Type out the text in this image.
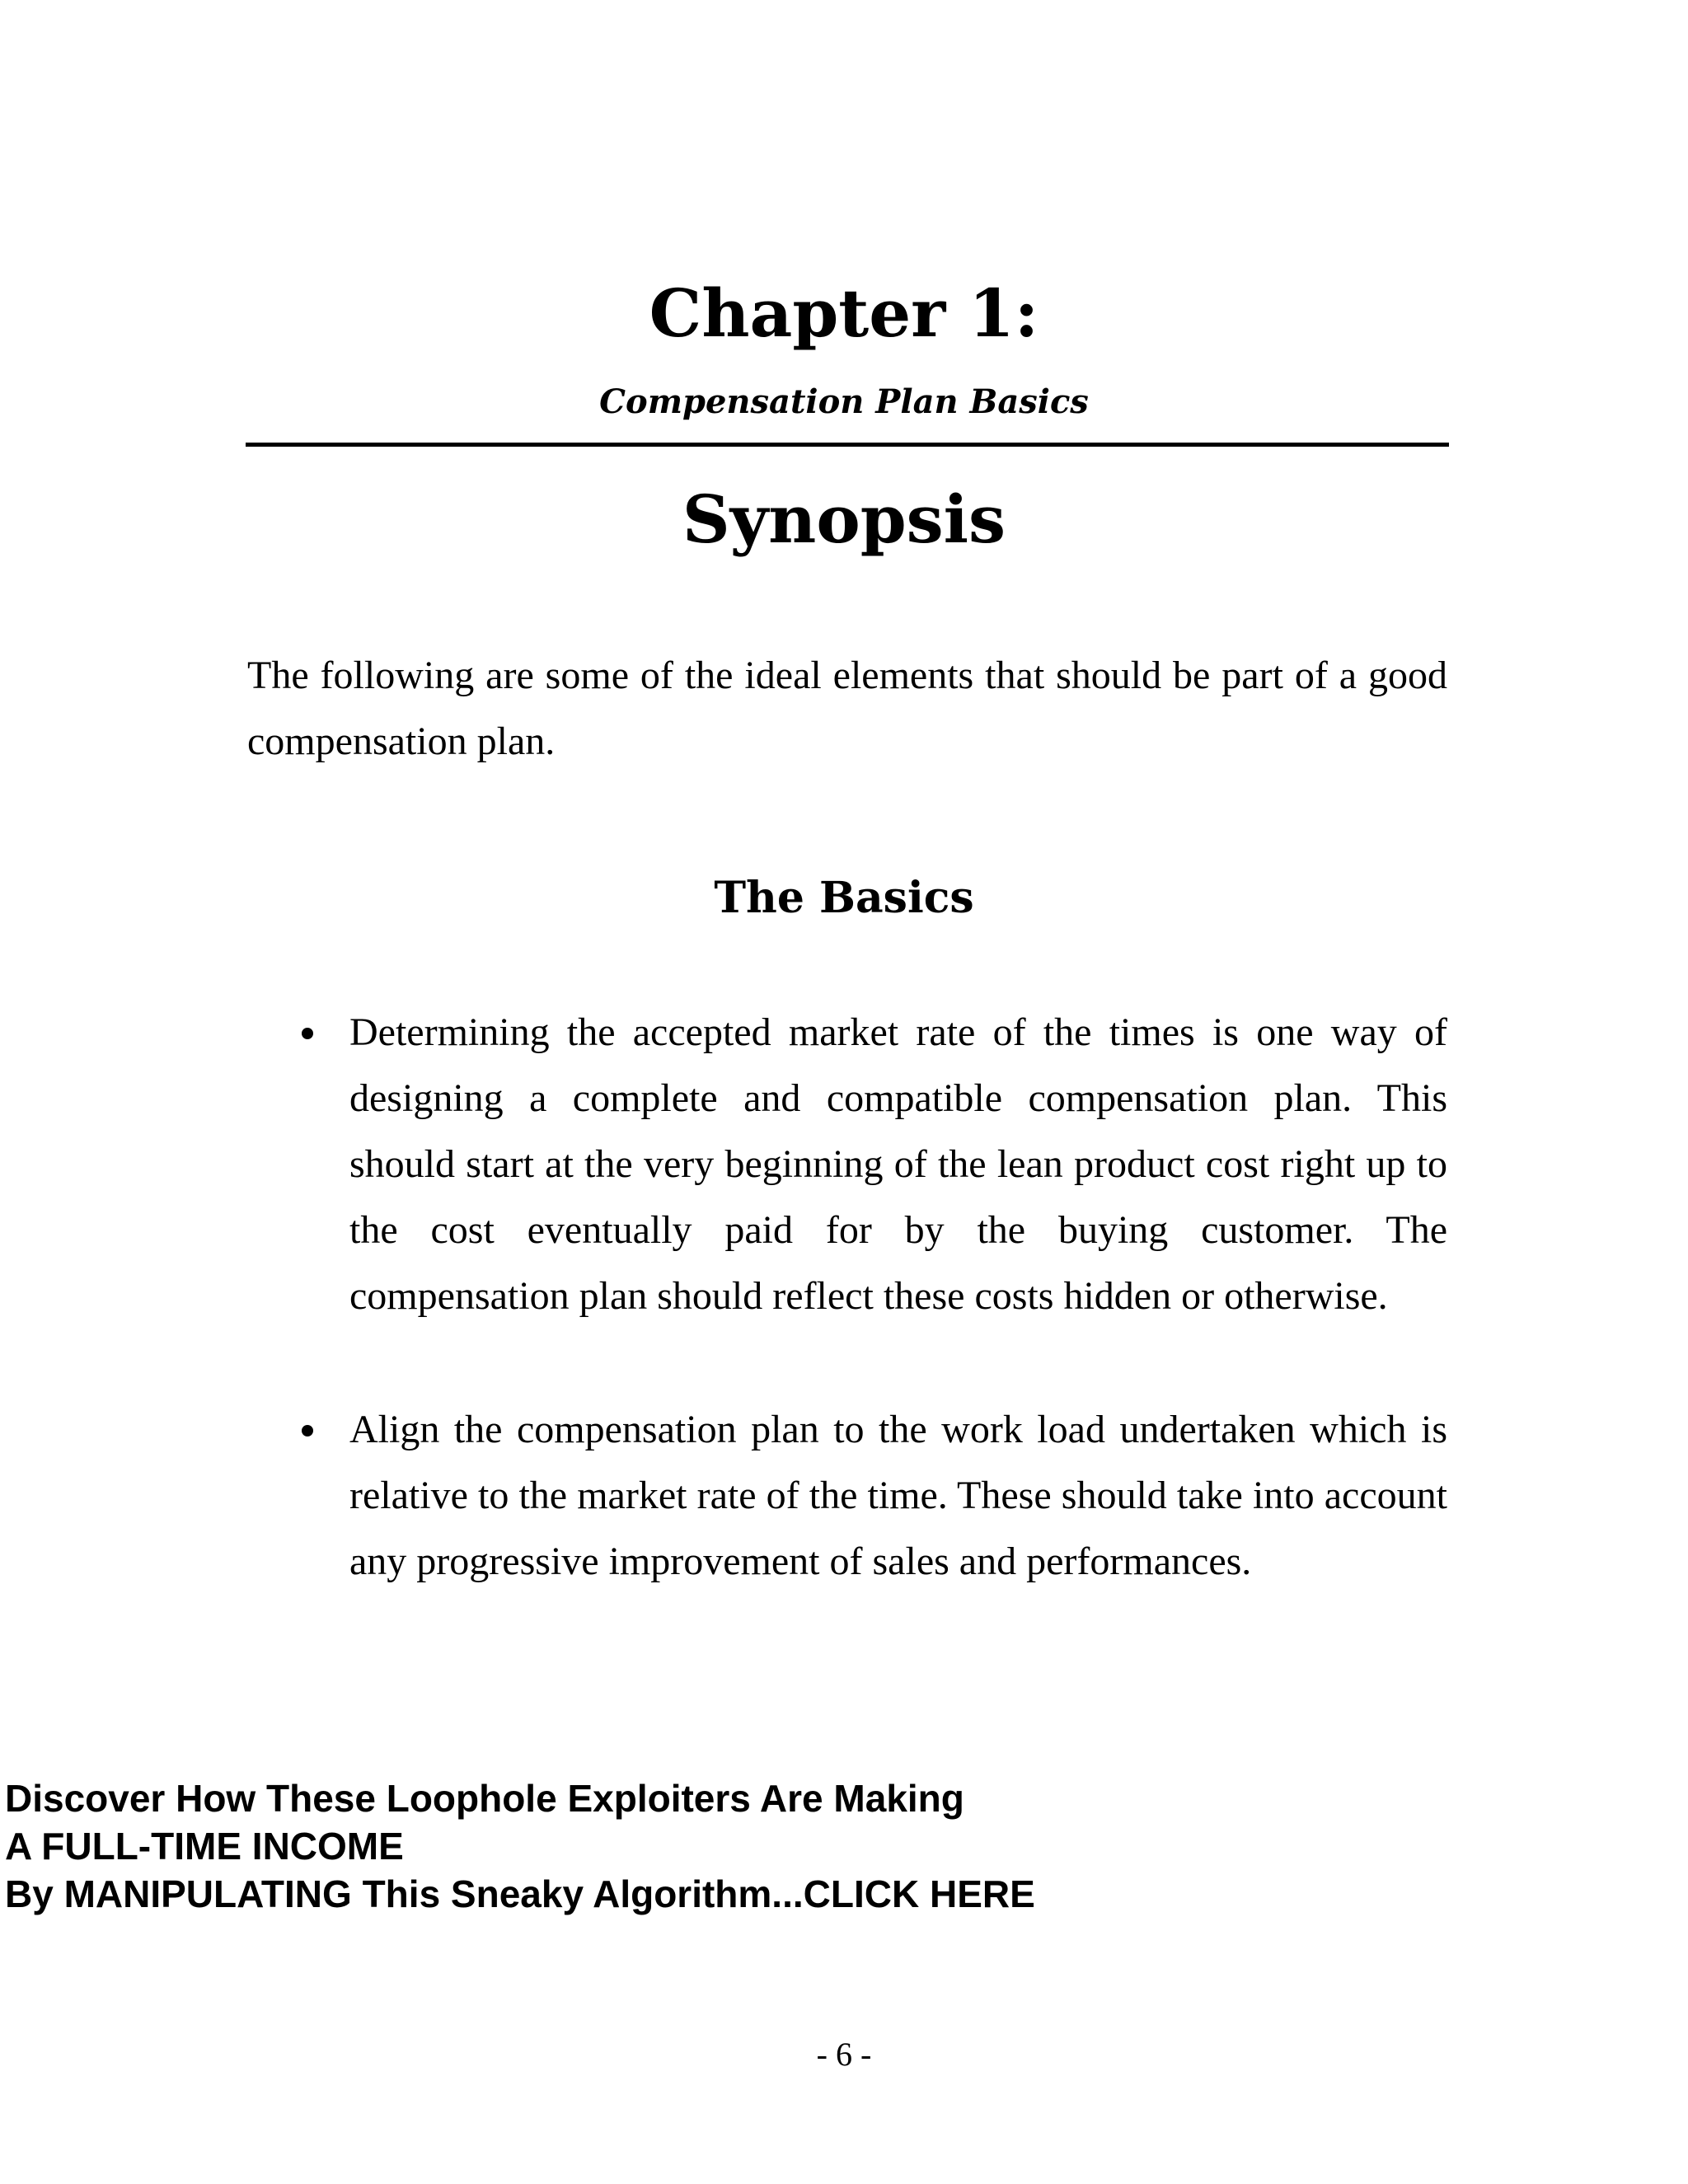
Chapter 1:
Compensation Plan Basics
Synopsis

The following are some of the ideal elements that should be part of a good compensation plan.

The Basics
Determining the accepted market rate of the times is one way of designing a complete and compatible compensation plan. This should start at the very beginning of the lean product cost right up to the cost eventually paid for by the buying customer. The compensation plan should reflect these costs hidden or otherwise.
Align the compensation plan to the work load undertaken which is relative to the market rate of the time. These should take into account any progressive improvement of sales and performances.
Discover How These Loophole Exploiters Are Making
A FULL-TIME INCOME
By MANIPULATING This Sneaky Algorithm...CLICK HERE
- 6 -
